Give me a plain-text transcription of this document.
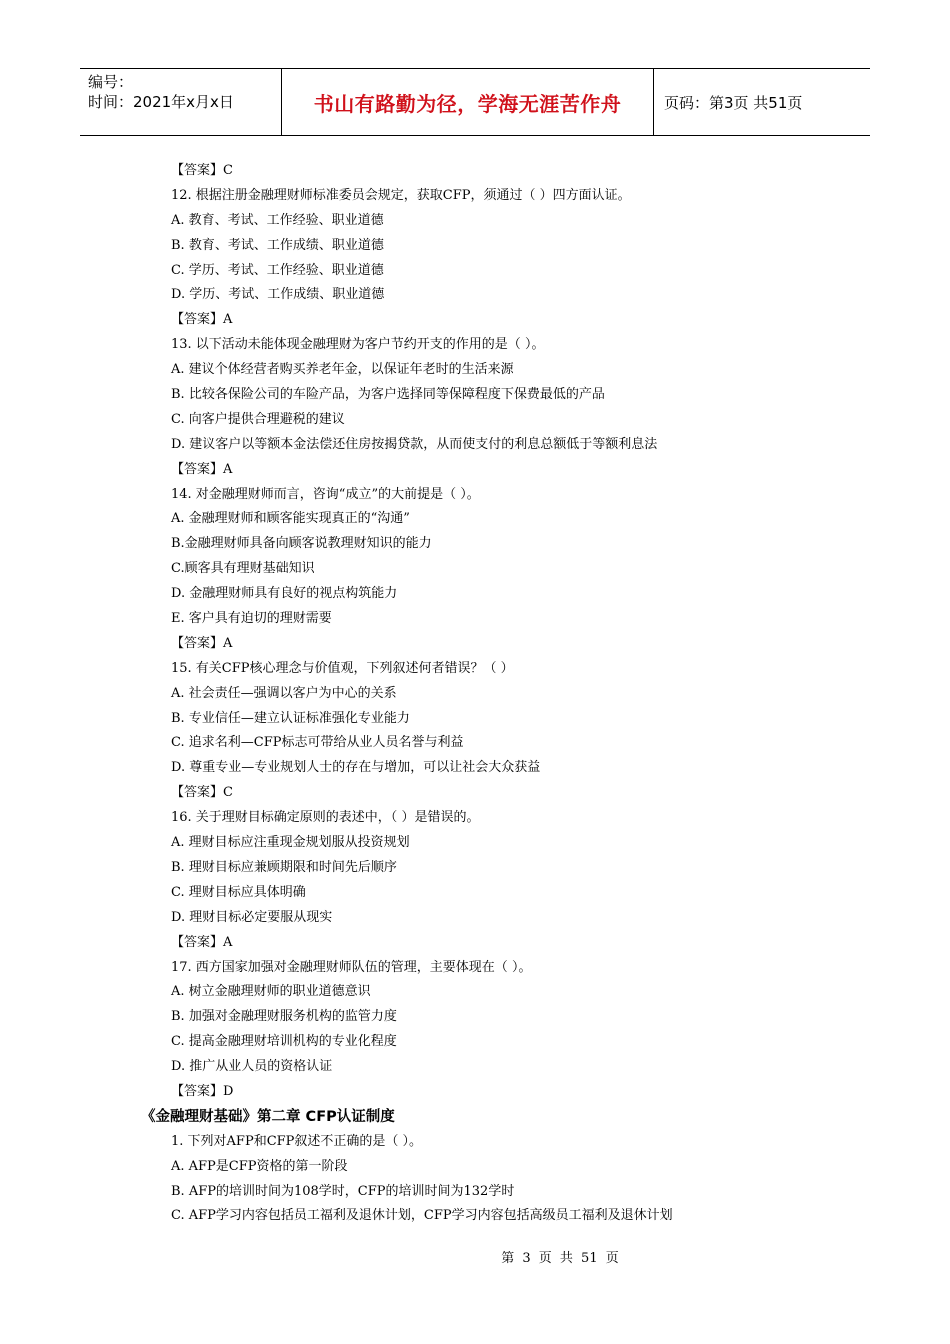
编号：
时间：2021年x月x日	书山有路勤为径，学海无涯苦作舟	页码：第3页 共51页
【答案】C
12. 根据注册金融理财师标准委员会规定，获取CFP，须通过（ ）四方面认证。
A. 教育、考试、工作经验、职业道德
B. 教育、考试、工作成绩、职业道德
C. 学历、考试、工作经验、职业道德
D. 学历、考试、工作成绩、职业道德
【答案】A
13. 以下活动未能体现金融理财为客户节约开支的作用的是（ ）。
A. 建议个体经营者购买养老年金，以保证年老时的生活来源
B. 比较各保险公司的车险产品，为客户选择同等保障程度下保费最低的产品
C. 向客户提供合理避税的建议
D. 建议客户以等额本金法偿还住房按揭贷款，从而使支付的利息总额低于等额利息法
【答案】A
14. 对金融理财师而言，咨询“成立”的大前提是（ ）。
A. 金融理财师和顾客能实现真正的“沟通”
B.金融理财师具备向顾客说教理财知识的能力
C.顾客具有理财基础知识
D. 金融理财师具有良好的视点构筑能力
E. 客户具有迫切的理财需要
【答案】A
15. 有关CFP核心理念与价值观，下列叙述何者错误？（ ）
A. 社会责任—强调以客户为中心的关系
B. 专业信任—建立认证标准强化专业能力
C. 追求名利—CFP标志可带给从业人员名誉与利益
D. 尊重专业—专业规划人士的存在与增加，可以让社会大众获益
【答案】C
16. 关于理财目标确定原则的表述中，（ ）是错误的。
A. 理财目标应注重现金规划服从投资规划
B. 理财目标应兼顾期限和时间先后顺序
C. 理财目标应具体明确
D. 理财目标必定要服从现实
【答案】A
17. 西方国家加强对金融理财师队伍的管理，主要体现在（ ）。
A. 树立金融理财师的职业道德意识
B. 加强对金融理财服务机构的监管力度
C. 提高金融理财培训机构的专业化程度
D. 推广从业人员的资格认证
【答案】D
《金融理财基础》第二章 CFP认证制度
1. 下列对AFP和CFP叙述不正确的是（ ）。
A. AFP是CFP资格的第一阶段
B. AFP的培训时间为108学时，CFP的培训时间为132学时
C. AFP学习内容包括员工福利及退休计划，CFP学习内容包括高级员工福利及退休计划
第 3 页 共 51 页
